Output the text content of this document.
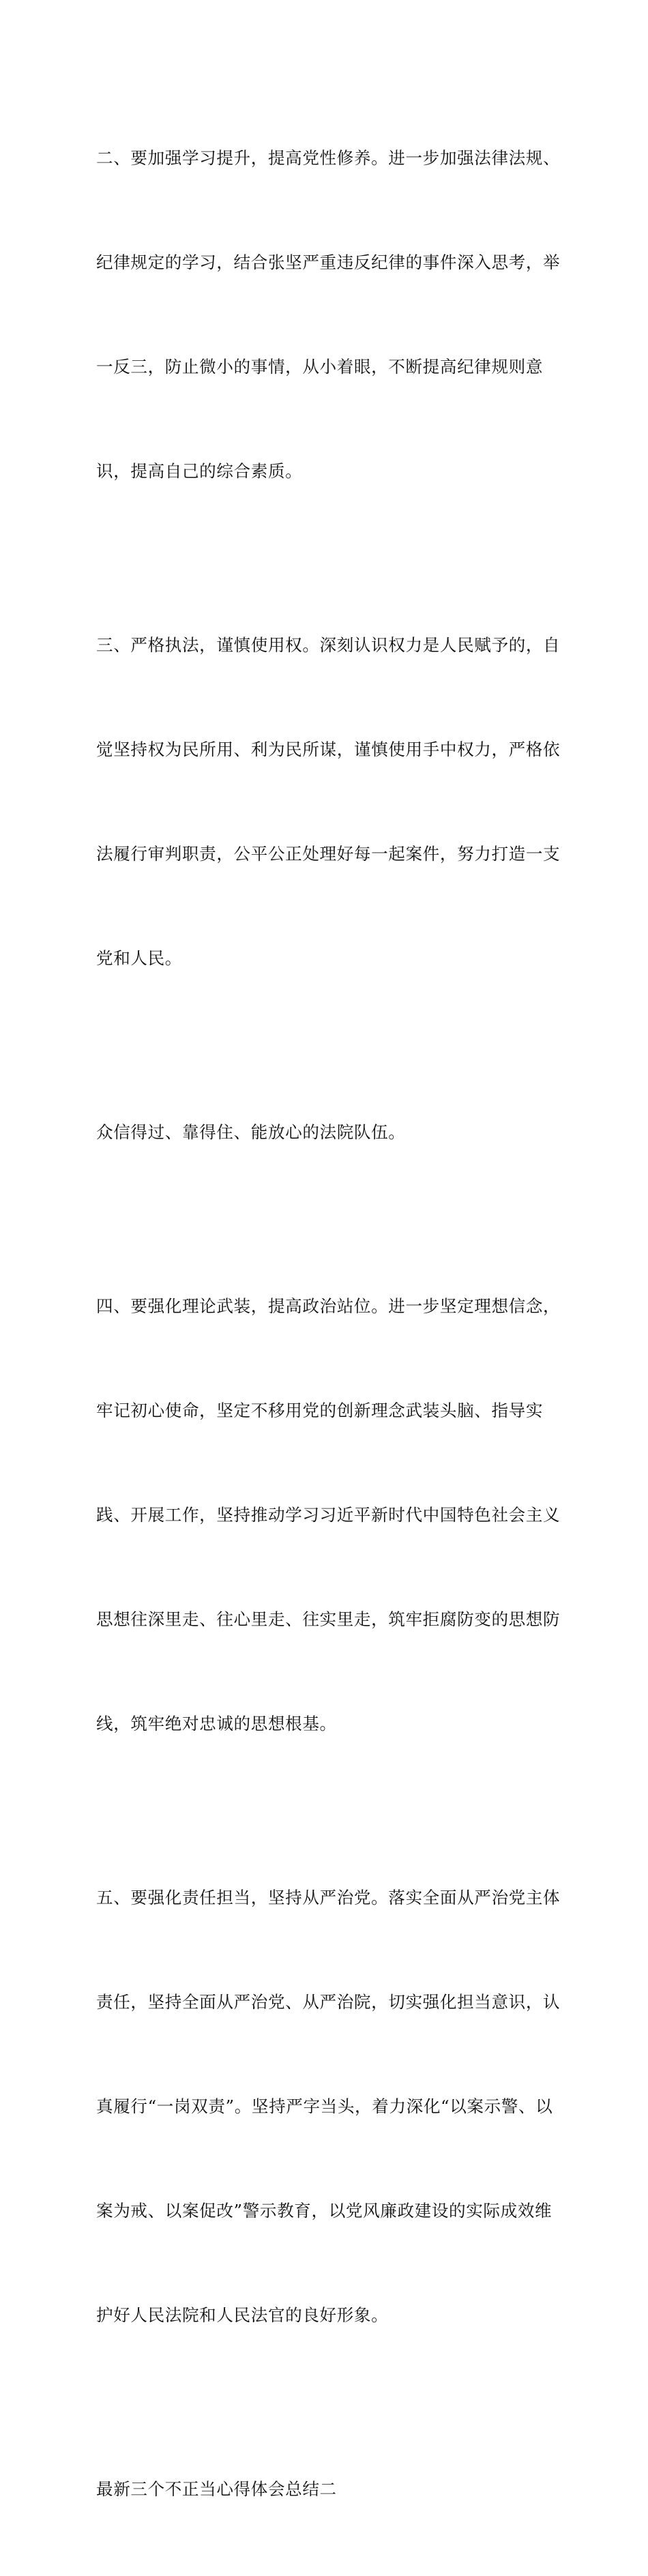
二、要加强学习提升，提高党性修养。进一步加强法律法规、

纪律规定的学习，结合张坚严重违反纪律的事件深入思考，举

一反三，防止微小的事情，从小着眼，不断提高纪律规则意

识，提高自己的综合素质。

三、严格执法，谨慎使用权。深刻认识权力是人民赋予的，自

觉坚持权为民所用、利为民所谋，谨慎使用手中权力，严格依

法履行审判职责，公平公正处理好每一起案件，努力打造一支

党和人民。

众信得过、靠得住、能放心的法院队伍。

四、要强化理论武装，提高政治站位。进一步坚定理想信念，

牢记初心使命，坚定不移用党的创新理念武装头脑、指导实

践、开展工作，坚持推动学习习近平新时代中国特色社会主义

思想往深里走、往心里走、往实里走，筑牢拒腐防变的思想防

线，筑牢绝对忠诚的思想根基。

五、要强化责任担当，坚持从严治党。落实全面从严治党主体

责任，坚持全面从严治党、从严治院，切实强化担当意识，认

真履行“一岗双责”。坚持严字当头，着力深化“以案示警、以

案为戒、以案促改”警示教育，以党风廉政建设的实际成效维

护好人民法院和人民法官的良好形象。

最新三个不正当心得体会总结二
